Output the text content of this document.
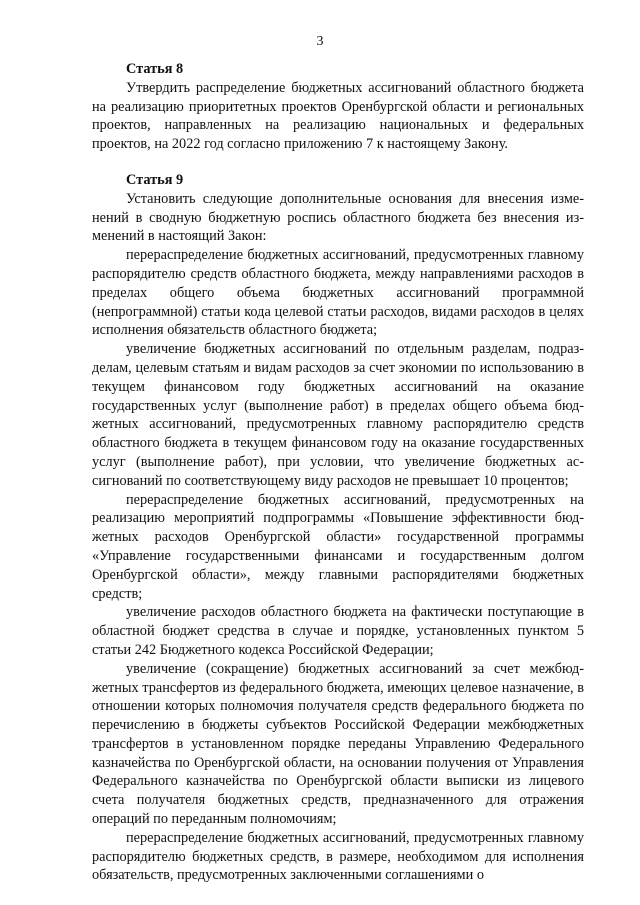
3
Статья 8

Утвердить распределение бюджетных ассигнований областного бюджета на реализацию приоритетных проектов Оренбургской области и региональных проектов, направленных на реализацию национальных и федеральных проектов, на 2022 год согласно приложению 7 к настоящему Закону.

Статья 9

Установить следующие дополнительные основания для внесения изменений в сводную бюджетную роспись областного бюджета без внесения изменений в настоящий Закон:

перераспределение бюджетных ассигнований, предусмотренных главному распорядителю средств областного бюджета, между направлениями расходов в пределах общего объема бюджетных ассигнований программной (непрограммной) статьи кода целевой статьи расходов, видами расходов в целях исполнения обязательств областного бюджета;

увеличение бюджетных ассигнований по отдельным разделам, подразделам, целевым статьям и видам расходов за счет экономии по использованию в текущем финансовом году бюджетных ассигнований на оказание государственных услуг (выполнение работ) в пределах общего объема бюджетных ассигнований, предусмотренных главному распорядителю средств областного бюджета в текущем финансовом году на оказание государственных услуг (выполнение работ), при условии, что увеличение бюджетных ассигнований по соответствующему виду расходов не превышает 10 процентов;

перераспределение бюджетных ассигнований, предусмотренных на реализацию мероприятий подпрограммы «Повышение эффективности бюджетных расходов Оренбургской области» государственной программы «Управление государственными финансами и государственным долгом Оренбургской области», между главными распорядителями бюджетных средств;

увеличение расходов областного бюджета на фактически поступающие в областной бюджет средства в случае и порядке, установленных пунктом 5 статьи 242 Бюджетного кодекса Российской Федерации;

увеличение (сокращение) бюджетных ассигнований за счет межбюджетных трансфертов из федерального бюджета, имеющих целевое назначение, в отношении которых полномочия получателя средств федерального бюджета по перечислению в бюджеты субъектов Российской Федерации межбюджетных трансфертов в установленном порядке переданы Управлению Федерального казначейства по Оренбургской области, на основании получения от Управления Федерального казначейства по Оренбургской области выписки из лицевого счета получателя бюджетных средств, предназначенного для отражения операций по переданным полномочиям;

перераспределение бюджетных ассигнований, предусмотренных главному распорядителю бюджетных средств, в размере, необходимом для исполнения обязательств, предусмотренных заключенными соглашениями о
